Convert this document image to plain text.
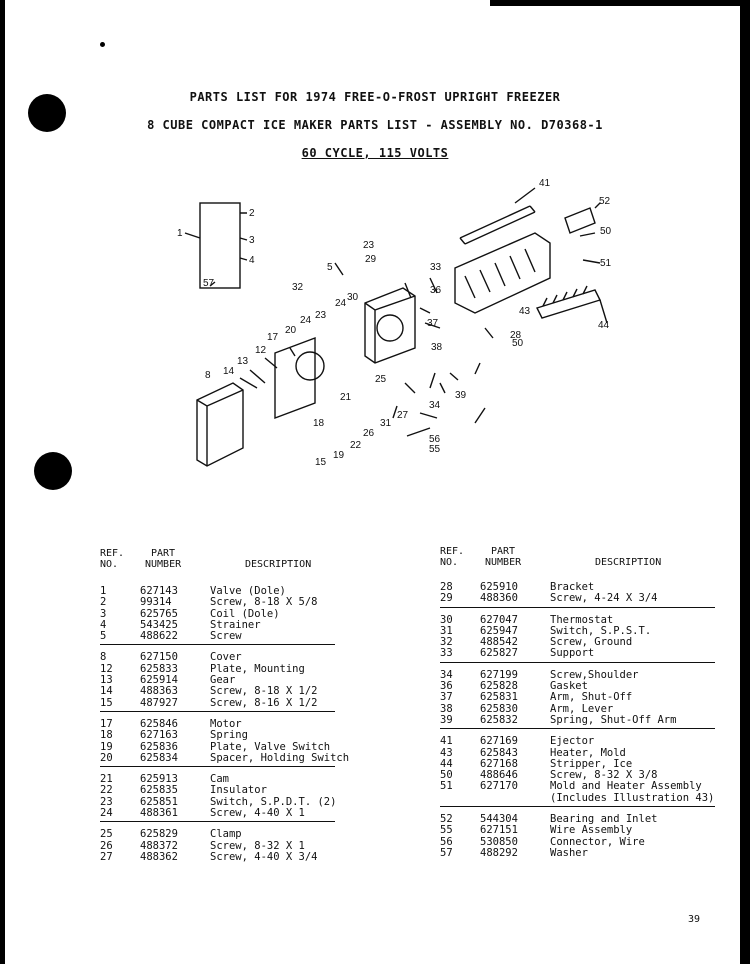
PARTS LIST FOR 1974 FREE-O-FROST UPRIGHT FREEZER
8 CUBE COMPACT ICE MAKER PARTS LIST - ASSEMBLY NO. D70368-1
60 CYCLE, 115 VOLTS
1
2
3
4
57
5
8
12
13
14
15
17
18
19
20
21
22
23
23
24
24
25
26
27
28
29
30
31
32
33
34
55
56
36
37
38
39
41
43
44
50
50
51
52
REF.
NO.
PART
NUMBER	DESCRIPTION
1	627143	Valve (Dole)
2	99314	Screw, 8-18 X 5/8
3	625765	Coil (Dole)
4	543425	Strainer
5	488622	Screw
8	627150	Cover
12	625833	Plate, Mounting
13	625914	Gear
14	488363	Screw, 8-18 X 1/2
15	487927	Screw, 8-16 X 1/2
17	625846	Motor
18	627163	Spring
19	625836	Plate, Valve Switch
20	625834	Spacer, Holding Switch
21	625913	Cam
22	625835	Insulator
23	625851	Switch, S.P.D.T. (2)
24	488361	Screw, 4-40 X 1
25	625829	Clamp
26	488372	Screw, 8-32 X 1
27	488362	Screw, 4-40 X 3/4
REF.
NO.
PART
NUMBER	DESCRIPTION
28	625910	Bracket
29	488360	Screw, 4-24 X 3/4
30	627047	Thermostat
31	625947	Switch, S.P.S.T.
32	488542	Screw, Ground
33	625827	Support
34	627199	Screw,Shoulder
36	625828	Gasket
37	625831	Arm, Shut-Off
38	625830	Arm, Lever
39	625832	Spring, Shut-Off Arm
41	627169	Ejector
43	625843	Heater, Mold
44	627168	Stripper, Ice
50	488646	Screw, 8-32 X 3/8
51	627170	Mold and Heater Assembly
(Includes Illustration 43)
52	544304	Bearing and Inlet
55	627151	Wire Assembly
56	530850	Connector, Wire
57	488292	Washer
39
